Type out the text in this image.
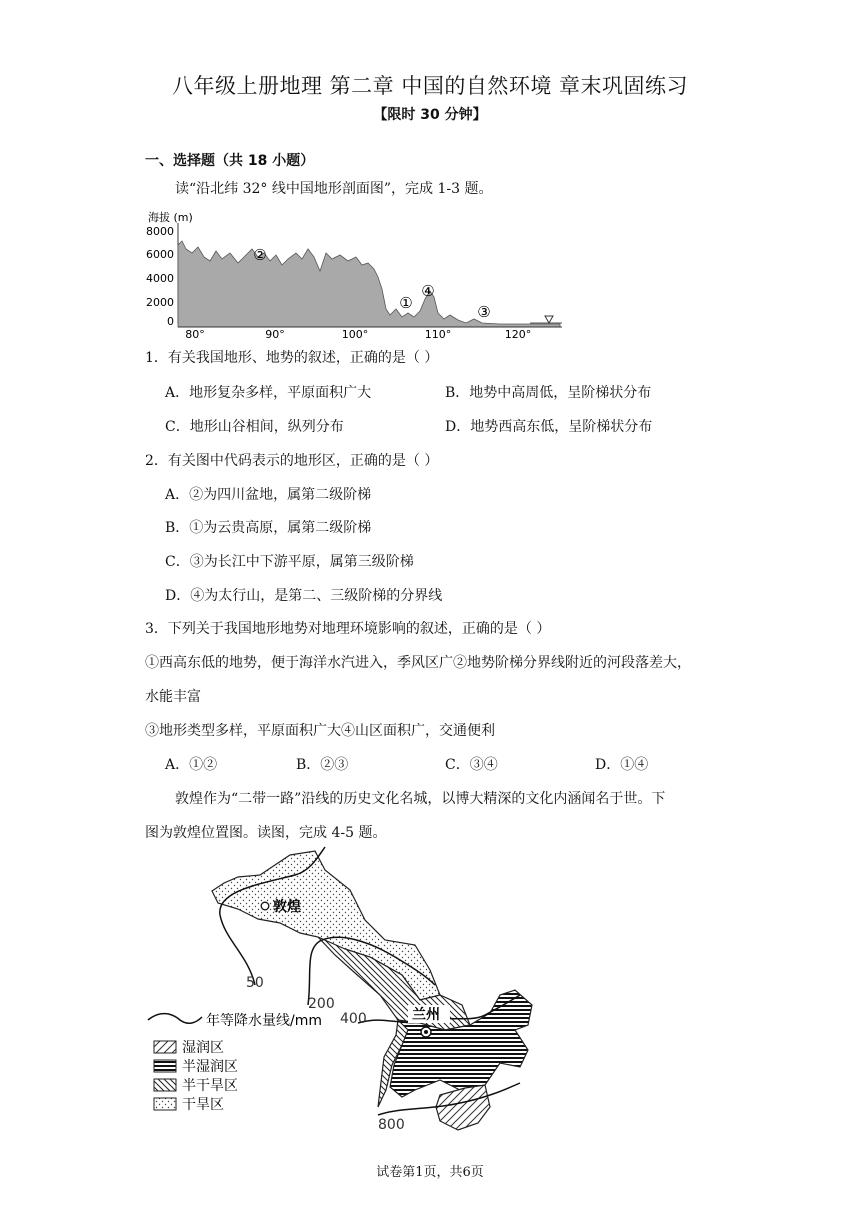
八年级上册地理 第二章 中国的自然环境 章末巩固练习
【限时 30 分钟】
一、选择题（共 18 小题）
读“沿北纬 32° 线中国地形剖面图”，完成 1-3 题。
海拔 (m)
8000
6000
4000
2000
0
80°	90°	100°	110°	120°
②
①
④
③
1．有关我国地形、地势的叙述，正确的是（ ）
A．地形复杂多样，平原面积广大	B．地势中高周低，呈阶梯状分布
C．地形山谷相间，纵列分布	D．地势西高东低，呈阶梯状分布
2．有关图中代码表示的地形区，正确的是（ ）
A．②为四川盆地，属第二级阶梯
B．①为云贵高原，属第二级阶梯
C．③为长江中下游平原，属第三级阶梯
D．④为太行山，是第二、三级阶梯的分界线
3．下列关于我国地形地势对地理环境影响的叙述，正确的是（ ）
①西高东低的地势，便于海洋水汽进入，季风区广②地势阶梯分界线附近的河段落差大，
水能丰富
③地形类型多样，平原面积广大④山区面积广，交通便利
A．①②	B．②③	C．③④	D．①④
敦煌作为“二带一路”沿线的历史文化名城，以博大精深的文化内涵闻名于世。下
图为敦煌位置图。读图，完成 4-5 题。
50
200
400
800
敦煌
兰州
年等降水量线/mm
湿润区
半湿润区
半干旱区
干旱区
试卷第1页，共6页
